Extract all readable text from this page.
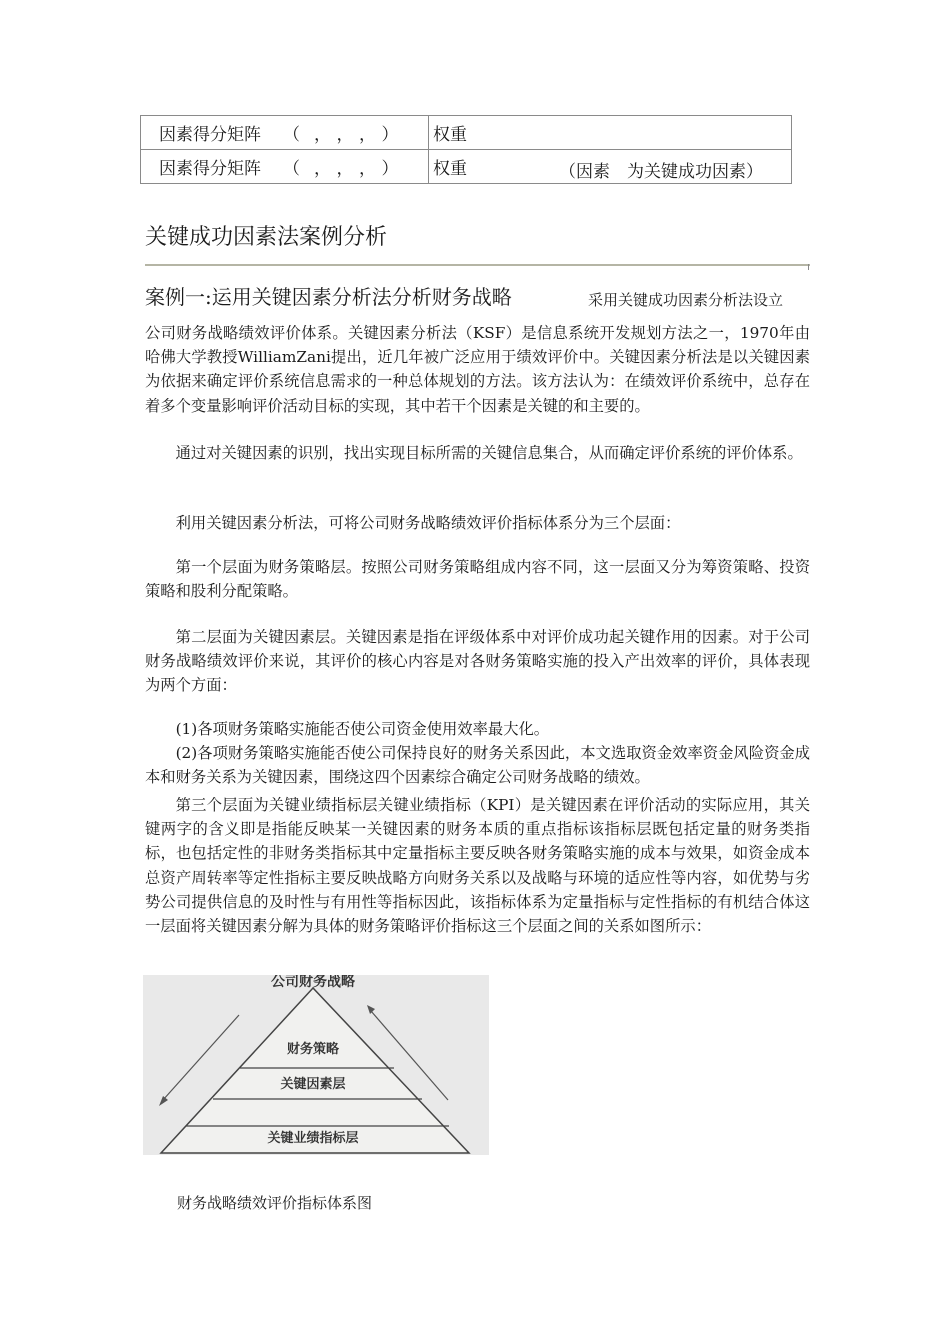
因素得分矩阵 （，，，）	权重
因素得分矩阵 （，，，）	权重 （因素　为关键成功因素）
关键成功因素法案例分析
案例一:运用关键因素分析法分析财务战略	采用关键成功因素分析法设立

公司财务战略绩效评价体系。关键因素分析法（KSF）是信息系统开发规划方法之一，1970年由哈佛大学教授WilliamZani提出，近几年被广泛应用于绩效评价中。关键因素分析法是以关键因素为依据来确定评价系统信息需求的一种总体规划的方法。该方法认为：在绩效评价系统中，总存在着多个变量影响评价活动目标的实现，其中若干个因素是关键的和主要的。

通过对关键因素的识别，找出实现目标所需的关键信息集合，从而确定评价系统的评价体系。

利用关键因素分析法，可将公司财务战略绩效评价指标体系分为三个层面：

第一个层面为财务策略层。按照公司财务策略组成内容不同，这一层面又分为筹资策略、投资策略和股利分配策略。

第二层面为关键因素层。关键因素是指在评级体系中对评价成功起关键作用的因素。对于公司财务战略绩效评价来说，其评价的核心内容是对各财务策略实施的投入产出效率的评价，具体表现为两个方面：

(1)各项财务策略实施能否使公司资金使用效率最大化。

(2)各项财务策略实施能否使公司保持良好的财务关系因此，本文选取资金效率资金风险资金成本和财务关系为关键因素，围绕这四个因素综合确定公司财务战略的绩效。

第三个层面为关键业绩指标层关键业绩指标（KPI）是关键因素在评价活动的实际应用，其关键两字的含义即是指能反映某一关键因素的财务本质的重点指标该指标层既包括定量的财务类指标，也包括定性的非财务类指标其中定量指标主要反映各财务策略实施的成本与效果，如资金成本总资产周转率等定性指标主要反映战略方向财务关系以及战略与环境的适应性等内容，如优势与劣势公司提供信息的及时性与有用性等指标因此，该指标体系为定量指标与定性指标的有机结合体这一层面将关键因素分解为具体的财务策略评价指标这三个层面之间的关系如图所示：

公司财务战略
财务策略
关键因素层
关键业绩指标层
财务战略绩效评价指标体系图
